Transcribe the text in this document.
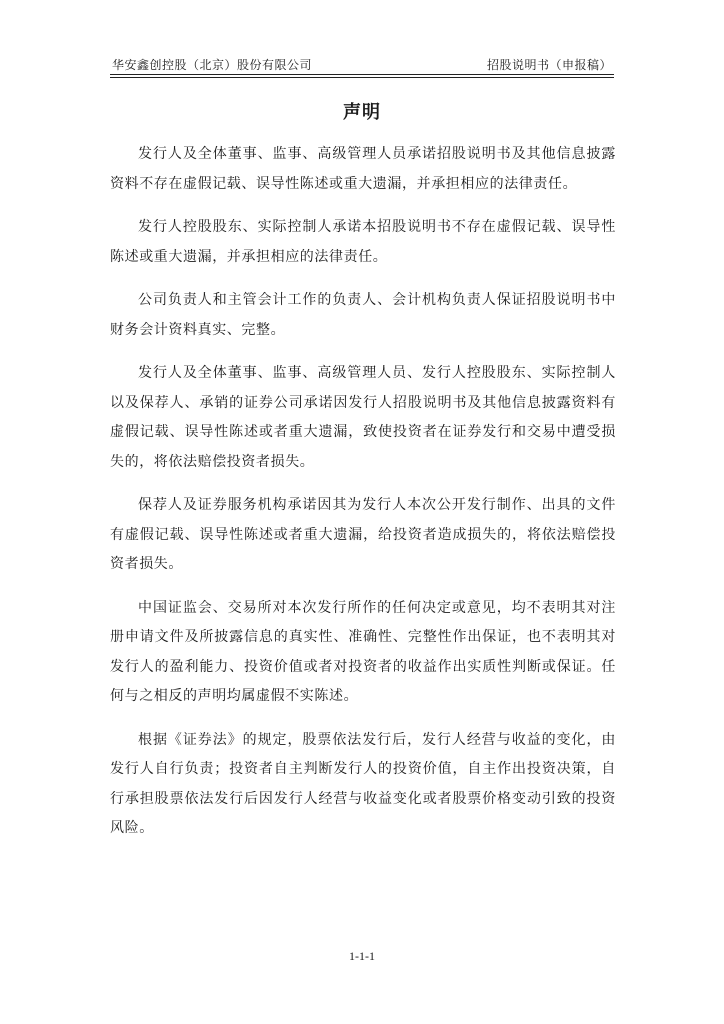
华安鑫创控股（北京）股份有限公司	招股说明书（申报稿）
声明

发行人及全体董事、监事、高级管理人员承诺招股说明书及其他信息披露资料不存在虚假记载、误导性陈述或重大遗漏，并承担相应的法律责任。

发行人控股股东、实际控制人承诺本招股说明书不存在虚假记载、误导性陈述或重大遗漏，并承担相应的法律责任。

公司负责人和主管会计工作的负责人、会计机构负责人保证招股说明书中财务会计资料真实、完整。

发行人及全体董事、监事、高级管理人员、发行人控股股东、实际控制人以及保荐人、承销的证券公司承诺因发行人招股说明书及其他信息披露资料有虚假记载、误导性陈述或者重大遗漏，致使投资者在证券发行和交易中遭受损失的，将依法赔偿投资者损失。

保荐人及证券服务机构承诺因其为发行人本次公开发行制作、出具的文件有虚假记载、误导性陈述或者重大遗漏，给投资者造成损失的，将依法赔偿投资者损失。

中国证监会、交易所对本次发行所作的任何决定或意见，均不表明其对注册申请文件及所披露信息的真实性、准确性、完整性作出保证，也不表明其对发行人的盈利能力、投资价值或者对投资者的收益作出实质性判断或保证。任何与之相反的声明均属虚假不实陈述。

根据《证券法》的规定，股票依法发行后，发行人经营与收益的变化，由发行人自行负责；投资者自主判断发行人的投资价值，自主作出投资决策，自行承担股票依法发行后因发行人经营与收益变化或者股票价格变动引致的投资风险。

1-1-1
